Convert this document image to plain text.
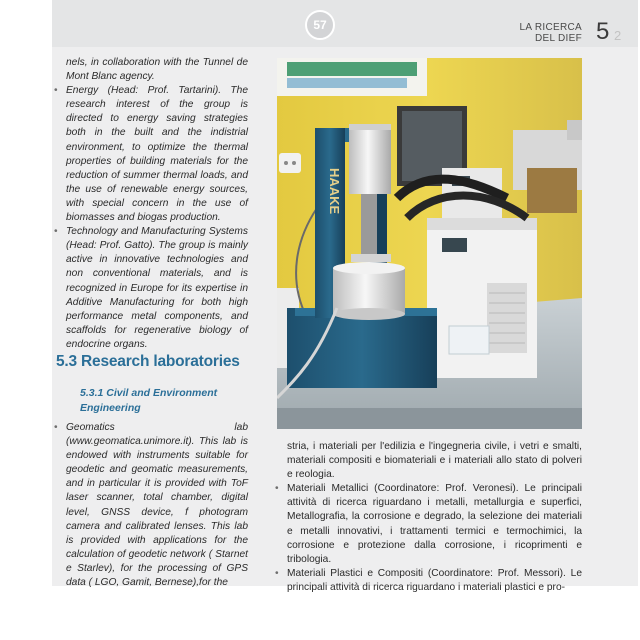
57	LA RICERCA
DEL DIEF 5 2

nels, in collaboration with the Tunnel de Mont Blanc agency.

• Energy (Head: Prof. Tartarini). The research interest of the group is directed to energy saving strategies both in the built and the indistrial environment, to optimize the thermal properties of building materials for the reduction of summer thermal loads, and the use of renewable energy sources, with special concern in the use of biomasses and biogas production.

• Technology and Manufacturing Systems (Head: Prof. Gatto). The group is mainly active in innovative technologies and non conventional materials, and is recognized in Europe for its expertise in Additive Manufacturing for both high performance metal components, and scaffolds for regenerative biology of endocrine organs.

5.3 Research laboratories
5.3.1 Civil and Environment Engineering

• Geomatics lab (www.geomatica.unimore.it). This lab is endowed with instruments suitable for geodetic and geomatic measurements, and in particular it is provided with ToF laser scanner, total chamber, digital level, GNSS device, f photogram camera and calibrated lenses. This lab is provided with applications for the calculation of geodetic network ( Starnet e Starlev), for the processing of GPS data ( LGO, Gamit, Bernese),for the

HAAKE

stria, i materiali per l'edilizia e l'ingegneria civile, i vetri e smalti, materiali compositi e biomateriali e i materiali allo stato di polveri e reologia.

• Materiali Metallici (Coordinatore: Prof. Veronesi). Le principali attività di ricerca riguardano i metalli, metallurgia e superfici, Metallografia, la corrosione e degrado, la selezione dei materiali e metalli innovativi, i trattamenti termici e termochimici, la corrosione e protezione dalla corrosione, i ricoprimenti e tribologia.

• Materiali Plastici e Compositi (Coordinatore: Prof. Messori). Le principali attività di ricerca riguardano i materiali plastici e pro-
